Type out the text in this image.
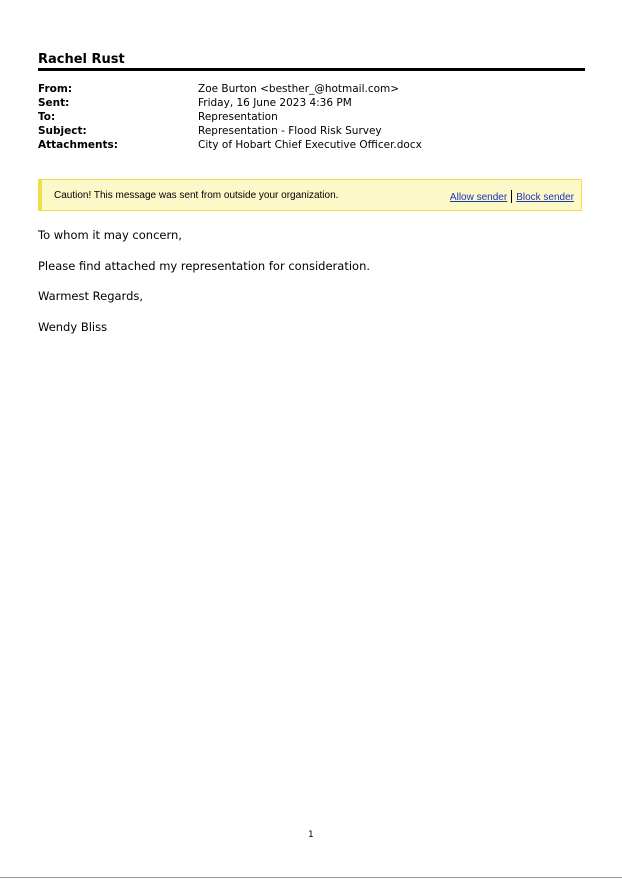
Rachel Rust
From:	Zoe Burton <besther_@hotmail.com>
Sent:	Friday, 16 June 2023 4:36 PM
To:	Representation
Subject:	Representation - Flood Risk Survey
Attachments:	City of Hobart Chief Executive Officer.docx
Caution! This message was sent from outside your organization.	Allow sender Block sender
To whom it may concern,
Please find attached my representation for consideration.
Warmest Regards,
Wendy Bliss
1
